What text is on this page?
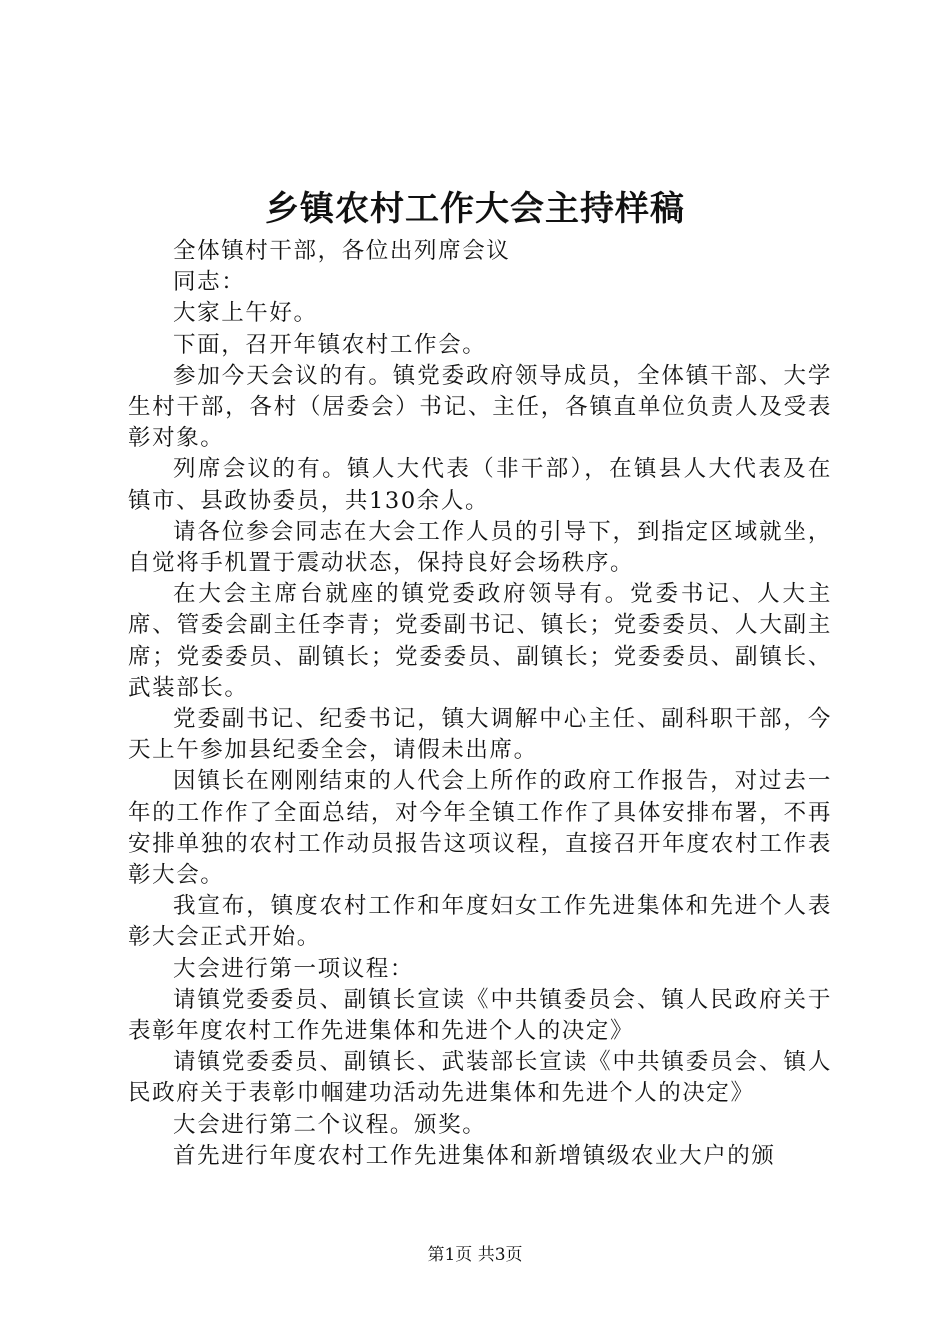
乡镇农村工作大会主持样稿

全体镇村干部，各位出列席会议

同志：

大家上午好。

下面，召开年镇农村工作会。

参加今天会议的有。镇党委政府领导成员，全体镇干部、大学生村干部，各村（居委会）书记、主任，各镇直单位负责人及受表彰对象。

列席会议的有。镇人大代表（非干部），在镇县人大代表及在镇市、县政协委员，共130余人。

请各位参会同志在大会工作人员的引导下，到指定区域就坐，自觉将手机置于震动状态，保持良好会场秩序。

在大会主席台就座的镇党委政府领导有。党委书记、人大主席、管委会副主任李青；党委副书记、镇长；党委委员、人大副主席；党委委员、副镇长；党委委员、副镇长；党委委员、副镇长、武装部长。

党委副书记、纪委书记，镇大调解中心主任、副科职干部，今天上午参加县纪委全会，请假未出席。

因镇长在刚刚结束的人代会上所作的政府工作报告，对过去一年的工作作了全面总结，对今年全镇工作作了具体安排布署，不再安排单独的农村工作动员报告这项议程，直接召开年度农村工作表彰大会。

我宣布，镇度农村工作和年度妇女工作先进集体和先进个人表彰大会正式开始。

大会进行第一项议程：

请镇党委委员、副镇长宣读《中共镇委员会、镇人民政府关于表彰年度农村工作先进集体和先进个人的决定》

请镇党委委员、副镇长、武装部长宣读《中共镇委员会、镇人民政府关于表彰巾帼建功活动先进集体和先进个人的决定》

大会进行第二个议程。颁奖。

首先进行年度农村工作先进集体和新增镇级农业大户的颁

第1页 共3页
